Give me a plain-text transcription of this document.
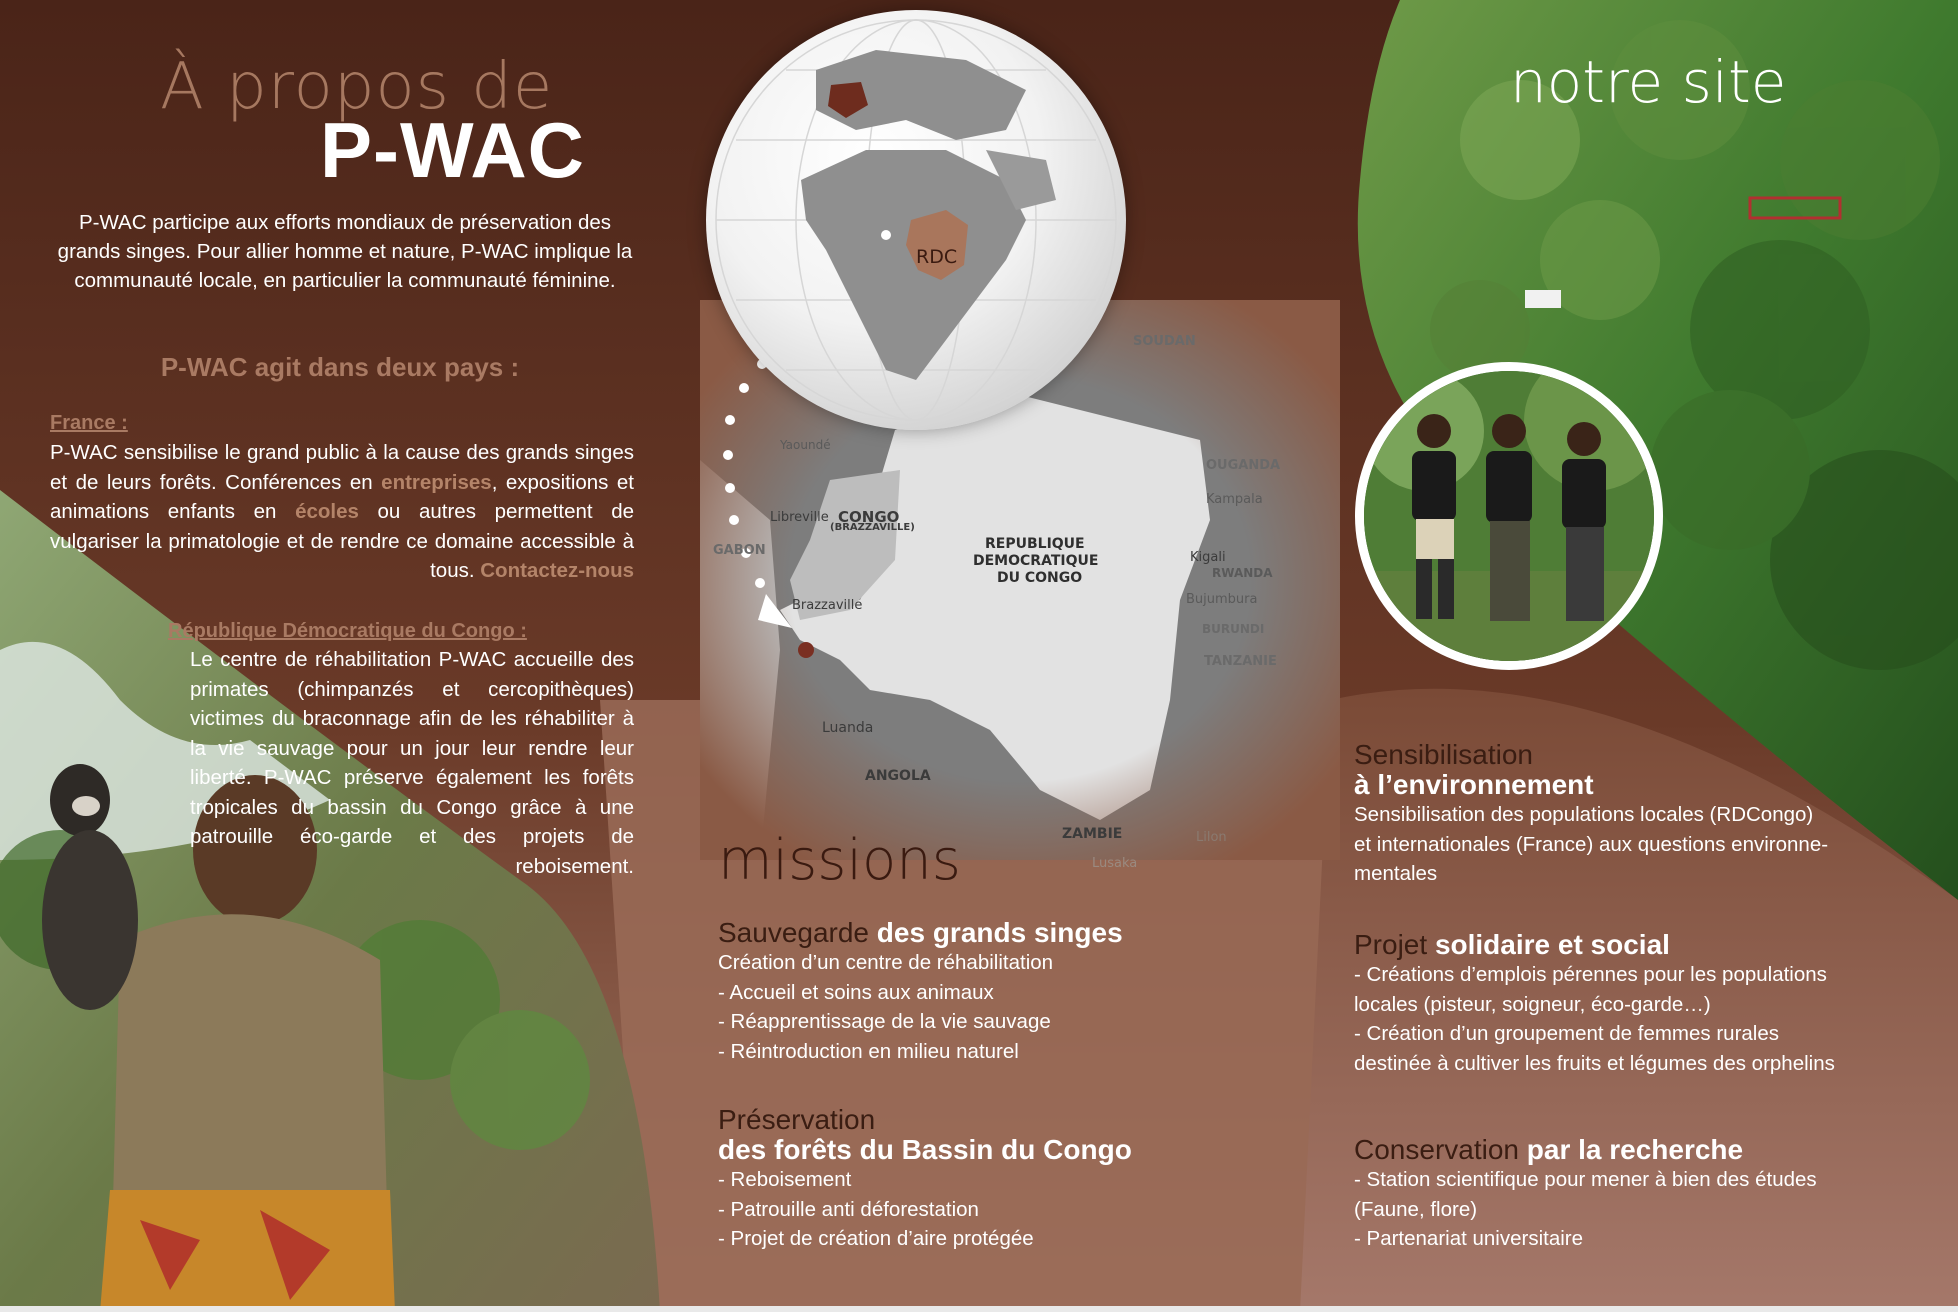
RDC
SOUDAN
CONGO
(BRAZZAVILLE)
REPUBLIQUE
DEMOCRATIQUE
DU CONGO
Libreville
GABON
Yaoundé
Brazzaville
Luanda
ANGOLA
ZAMBIE
Lusaka
OUGANDA
Kampala
Kigali
RWANDA
Bujumbura
BURUNDI
TANZANIE
Lilon
À propos de
P-WAC
P-WAC participe aux efforts mondiaux de préservation des grands singes. Pour allier homme et nature, P-WAC implique la communauté locale, en particulier la communauté féminine.
P-WAC agit dans deux pays :
France :
P-WAC sensibilise le grand public à la cause des grands singes et de leurs forêts. Conférences en entreprises, expositions et animations enfants en écoles ou autres permettent de vulgariser la primatologie et de rendre ce domaine accessible à tous. Contactez-nous
République Démocratique du Congo :
Le centre de réhabilitation P-WAC accueille des primates (chimpanzés et cercopithèques) victimes du braconnage afin de les réhabiliter à la vie sauvage pour un jour leur rendre leur liberté. P-WAC préserve également les forêts tropicales du bassin du Congo grâce à une patrouille éco-garde et des projets de reboisement.
notre site
missions
Sauvegarde des grands singes
Création d’un centre de réhabilitation
- Accueil et soins aux animaux
- Réapprentissage de la vie sauvage
- Réintroduction en milieu naturel
Préservation
des forêts du Bassin du Congo
- Reboisement
- Patrouille anti déforestation
- Projet de création d’aire protégée
Sensibilisation
à l’environnement
Sensibilisation des populations locales (RDCongo)
et internationales (France) aux questions environne-
mentales
Projet solidaire et social
- Créations d’emplois pérennes pour les populations
locales (pisteur, soigneur, éco-garde…)
- Création d’un groupement de femmes rurales
destinée à cultiver les fruits et légumes des orphelins
Conservation par la recherche
- Station scientifique pour mener à bien des études
(Faune, flore)
- Partenariat universitaire
